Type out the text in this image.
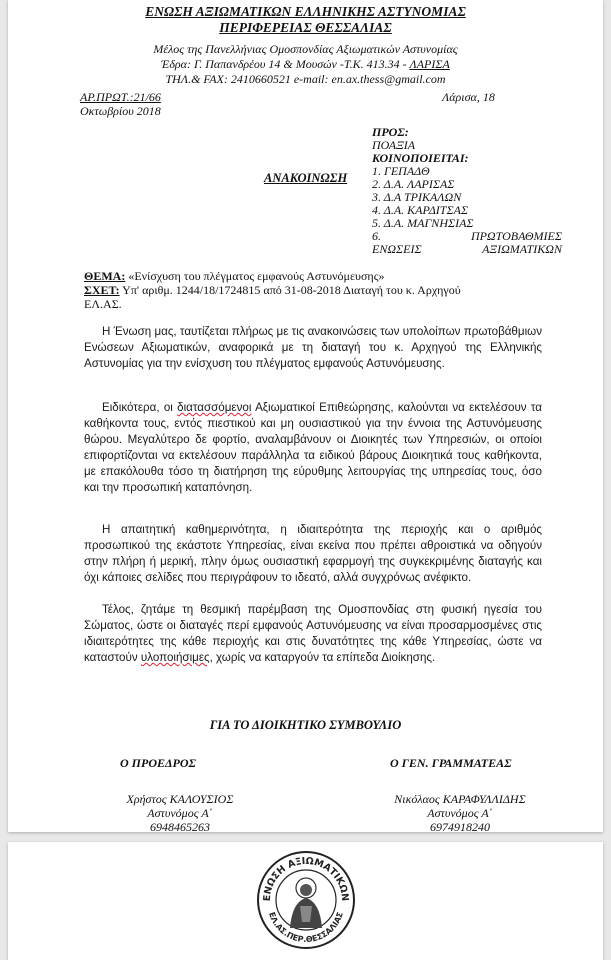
ΕΝΩΣΗ ΑΞΙΩΜΑΤΙΚΩΝ ΕΛΛΗΝΙΚΗΣ ΑΣΤΥΝΟΜΙΑΣ
ΠΕΡΙΦΕΡΕΙΑΣ ΘΕΣΣΑΛΙΑΣ
Μέλος της Πανελλήνιας Ομοσπονδίας Αξιωματικών Αστυνομίας
Έδρα: Γ. Παπανδρέου 14 & Μουσών -Τ.Κ. 413.34 - ΛΑΡΙΣΑ
ΤΗΛ.& FAX: 2410660521 e-mail: en.ax.thess@gmail.com
ΑΡ.ΠΡΩΤ.:21/66	Λάρισα, 18
Οκτωβρίου 2018
ΑΝΑΚΟΙΝΩΣΗ
ΠΡΟΣ:
ΠΟΑΞΙΑ
ΚΟΙΝΟΠΟΙΕΙΤΑΙ:
1. ΓΕΠΑΔΘ
2. Δ.Α. ΛΑΡΙΣΑΣ
3. Δ.Α ΤΡΙΚΑΛΩΝ
4. Δ.Α. ΚΑΡΔΙΤΣΑΣ
5. Δ.Α. ΜΑΓΝΗΣΙΑΣ
6.	ΠΡΩΤΟΒΑΘΜΙΕΣ
ΕΝΩΣΕΙΣ	ΑΞΙΩΜΑΤΙΚΩΝ
ΘΕΜΑ: «Ενίσχυση του πλέγματος εμφανούς Αστυνόμευσης»
ΣΧΕΤ: Υπ' αριθμ. 1244/18/1724815 από 31-08-2018 Διαταγή του κ. Αρχηγού
ΕΛ.ΑΣ.
Η Ένωση μας, ταυτίζεται πλήρως με τις ανακοινώσεις των υπολοίπων πρωτοβάθμιων Ενώσεων Αξιωματικών, αναφορικά με τη διαταγή του κ. Αρχηγού της Ελληνικής Αστυνομίας για την ενίσχυση του πλέγματος εμφανούς Αστυνόμευσης.
Ειδικότερα, οι διατασσόμενοι Αξιωματικοί Επιθεώρησης, καλούνται να εκτελέσουν τα καθήκοντα τους, εντός πιεστικού και μη ουσιαστικού για την έννοια της Αστυνόμευσης θώρου. Μεγαλύτερο δε φορτίο, αναλαμβάνουν οι Διοικητές των Υπηρεσιών, οι οποίοι επιφορτίζονται να εκτελέσουν παράλληλα τα ειδικού βάρους Διοικητικά τους καθήκοντα, με επακόλουθα τόσο τη διατήρηση της εύρυθμης λειτουργίας της υπηρεσίας τους, όσο και την προσωπική καταπόνηση.
Η απαιτητική καθημερινότητα, η ιδιαιτερότητα της περιοχής και ο αριθμός προσωπικού της εκάστοτε Υπηρεσίας, είναι εκείνα που πρέπει αθροιστικά να οδηγούν στην πλήρη ή μερική, πλην όμως ουσιαστική εφαρμογή της συγκεκριμένης διαταγής και όχι κάποιες σελίδες που περιγράφουν το ιδεατό, αλλά συγχρόνως ανέφικτο.
Τέλος, ζητάμε τη θεσμική παρέμβαση της Ομοσπονδίας στη φυσική ηγεσία του Σώματος, ώστε οι διαταγές περί εμφανούς Αστυνόμευσης να είναι προσαρμοσμένες στις ιδιαιτερότητες της κάθε περιοχής και στις δυνατότητες της κάθε Υπηρεσίας, ώστε να καταστούν υλοποιήσιμες, χωρίς να καταργούν τα επίπεδα Διοίκησης.
ΓΙΑ ΤΟ ΔΙΟΙΚΗΤΙΚΟ ΣΥΜΒΟΥΛΙΟ
Ο ΠΡΟΕΔΡΟΣ	Ο ΓΕΝ. ΓΡΑΜΜΑΤΕΑΣ
Χρήστος ΚΑΛΟΥΣΙΟΣ
Αστυνόμος Α΄
6948465263
Νικόλαος ΚΑΡΑΦΥΛΛΙΔΗΣ
Αστυνόμος Α΄
6974918240
ΕΝΩΣΗ ΑΞΙΩΜΑΤΙΚΩΝ
ΕΛ.ΑΣ.ΠΕΡ.ΘΕΣΣΑΛΙΑΣ
